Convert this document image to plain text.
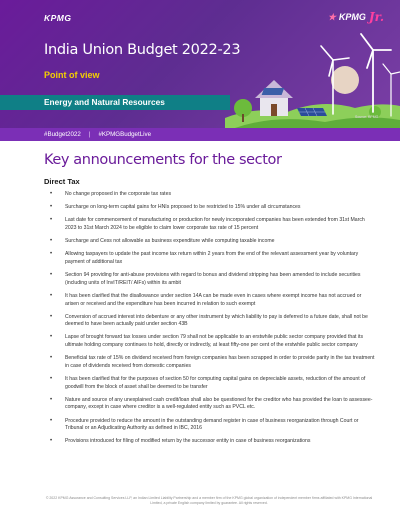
KPMG	★ KPMG Jr.
India Union Budget 2022-23
Point of view
Energy and Natural Resources
Source: KPMG
#Budget2022 | #KPMGBudgetLive
Key announcements for the sector
Direct Tax
• No change proposed in the corporate tax rates
• Surcharge on long-term capital gains for HNIs proposed to be restricted to 15% under all circumstances
• Last date for commencement of manufacturing or production for newly incorporated companies has been extended from 31st March 2023 to 31st March 2024 to be eligible to claim lower corporate tax rate of 15 percent
• Surcharge and Cess not allowable as business expenditure while computing taxable income
• Allowing taxpayers to update the past income tax return within 2 years from the end of the relevant assessment year by voluntary payment of additional tax
• Section 94 providing for anti-abuse provisions with regard to bonus and dividend stripping has been amended to include securities (including units of InvIT/REIT/ AIFs) within its ambit
• It has been clarified that the disallowance under section 14A can be made even in cases where exempt income has not accrued or arisen or received and the expenditure has been incurred in relation to such exempt
• Conversion of accrued interest into debenture or any other instrument by which liability to pay is deferred to a future date, shall not be deemed to have been actually paid under section 43B
• Lapse of brought forward tax losses under section 79 shall not be applicable to an erstwhile public sector company provided that its ultimate holding company continues to hold, directly or indirectly, at least fifty-one per cent of the erstwhile public sector company
• Beneficial tax rate of 15% on dividend received from foreign companies has been scrapped in order to provide parity in the tax treatment in case of dividends received from domestic companies
• It has been clarified that for the purposes of section 50 for computing capital gains on depreciable assets, reduction of the amount of goodwill from the block of asset shall be deemed to be transfer
• Nature and source of any unexplained cash credit/loan shall also be questioned for the creditor who has provided the loan to assessee-company, except in case where creditor is a well-regulated entity such as PVCL etc.
• Procedure provided to reduce the amount in the outstanding demand register in case of business reorganization through Court or Tribunal or an Adjudicating Authority as defined in IBC, 2016
• Provisions introduced for filing of modified return by the successor entity in case of business reorganizations
© 2022 KPMG Assurance and Consulting Services LLP, an Indian Limited Liability Partnership and a member firm of the KPMG global organization of independent member firms affiliated with KPMG International Limited, a private English company limited by guarantee. All rights reserved.
